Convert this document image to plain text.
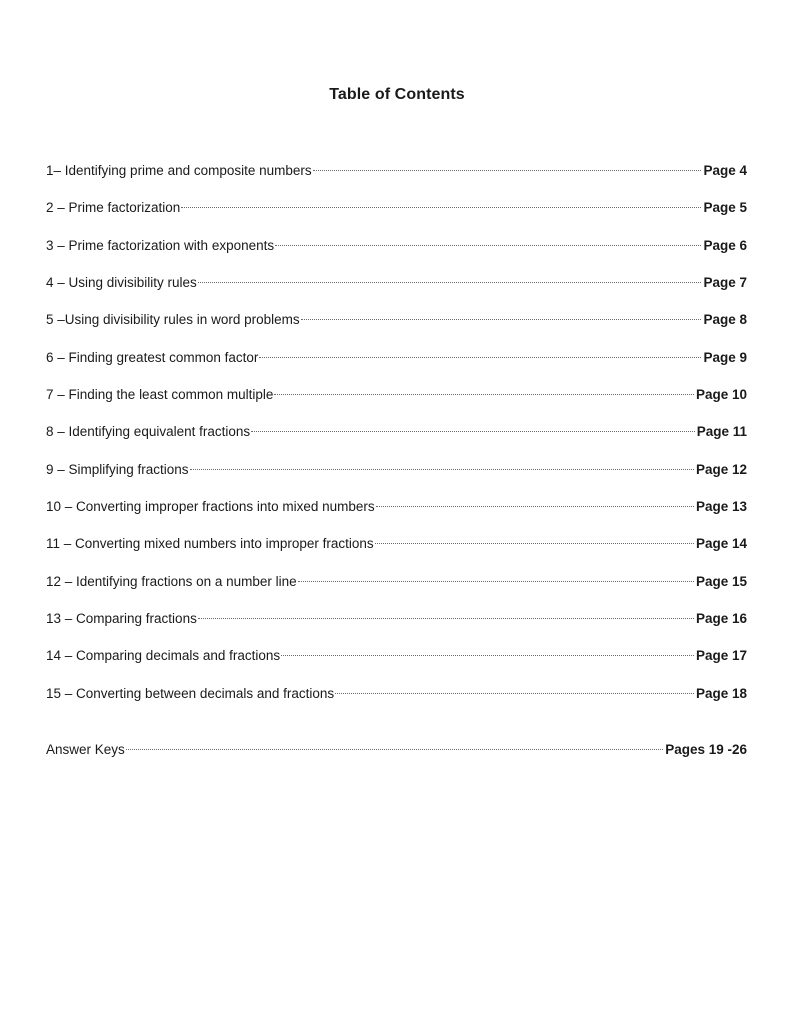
Table of Contents
1– Identifying prime and composite numbers	Page 4
2 – Prime factorization	Page 5
3 – Prime factorization with exponents	Page 6
4 – Using divisibility rules	Page 7
5 –Using divisibility rules in word problems	Page 8
6 – Finding greatest common factor	Page 9
7 – Finding the least common multiple	Page 10
8 – Identifying equivalent fractions	Page 11
9 – Simplifying fractions	Page 12
10 – Converting improper fractions into mixed numbers	Page 13
11 – Converting mixed numbers into improper fractions	Page 14
12 – Identifying fractions on a number line	Page 15
13 – Comparing fractions	Page 16
14 – Comparing decimals and fractions	Page 17
15 – Converting between decimals and fractions	Page 18
Answer Keys	Pages 19 -26
